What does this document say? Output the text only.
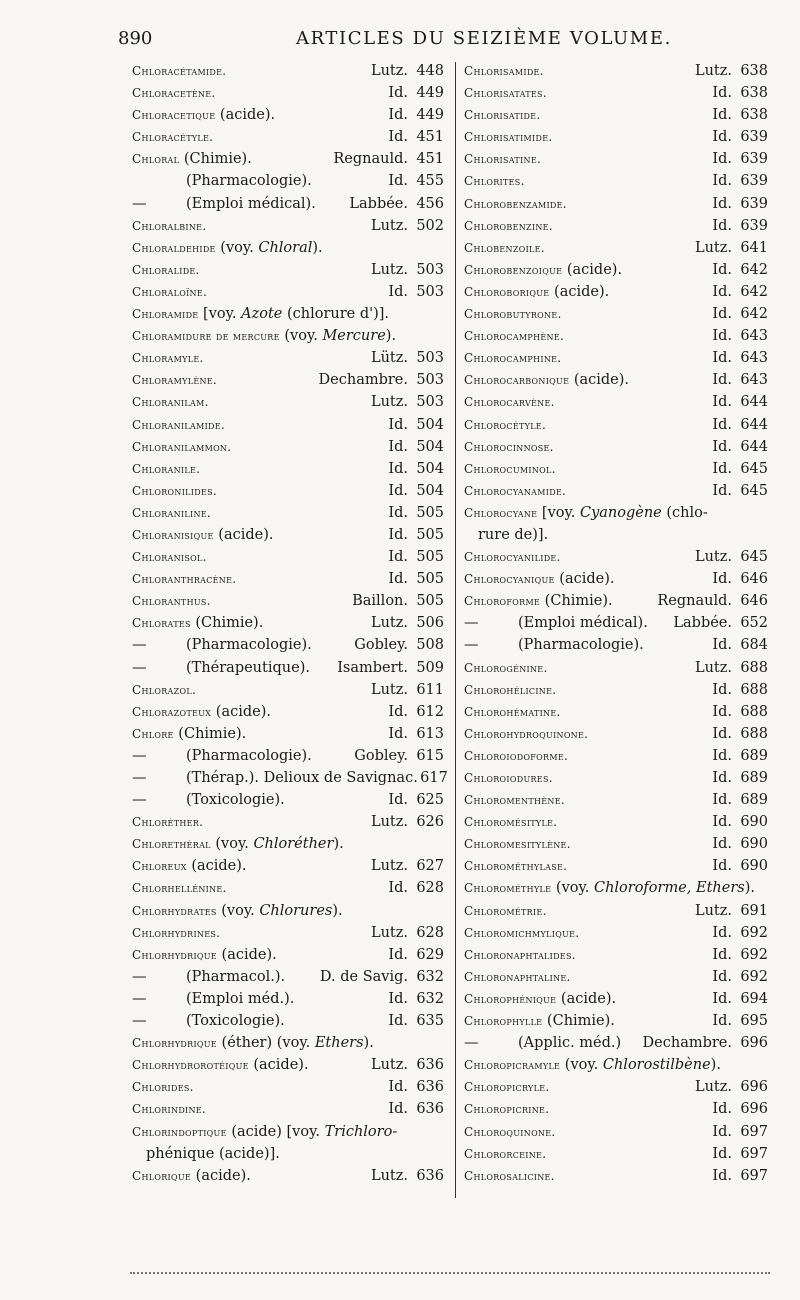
890	ARTICLES DU SEIZIÈME VOLUME.
Chloracétamide.	Lutz. 448
Chloracetène.	Id. 449
Chloracetique (acide).	Id. 449
Chloracétyle.	Id. 451
Chloral (Chimie).	Regnauld. 451
(Pharmacologie).	Id. 455
—	(Emploi médical). Labbée. 456
Chloralbine.	Lutz. 502
Chloraldehide (voy. Chloral).
Chloralide.	Lutz. 503
Chloraloïne.	Id. 503
Chloramide [voy. Azote (chlorure d')].
Chloramidure de mercure (voy. Mercure).
Chloramyle.	Lütz. 503
Chloramylène.	Dechambre. 503
Chloranilam.	Lutz. 503
Chloranilamide.	Id. 504
Chloranilammon.	Id. 504
Chloranile.	Id. 504
Chloronilides.	Id. 504
Chloraniline.	Id. 505
Chloranisique (acide).	Id. 505
Chloranisol.	Id. 505
Chloranthracène.	Id. 505
Chloranthus.	Baillon. 505
Chlorates (Chimie).	Lutz. 506
—	(Pharmacologie).	Gobley. 508
—	(Thérapeutique). Isambert. 509
Chlorazol.	Lutz. 611
Chlorazoteux (acide).	Id. 612
Chlore (Chimie).	Id. 613
—	(Pharmacologie).	Gobley. 615
—	(Thérap.). Delioux de Savignac. 617
—	(Toxicologie).	Id. 625
Chloréther.	Lutz. 626
Chlorethéral (voy. Chloréther).
Chloreux (acide).	Lutz. 627
Chlorhellénine.	Id. 628
Chlorhydrates (voy. Chlorures).
Chlorhydrines.	Lutz. 628
Chlorhydrique (acide).	Id. 629
—	(Pharmacol.). D. de Savig. 632
—	(Emploi méd.).	Id. 632
—	(Toxicologie).	Id. 635
Chlorhydrique (éther) (voy. Ethers).
Chlorhydrorotéique (acide).	Lutz. 636
Chlorides.	Id. 636
Chlorindine.	Id. 636
Chlorindoptique (acide) [voy. Trichloro-
phénique (acide)].
Chlorique (acide).	Lutz. 636
Chlorisamide.	Lutz. 638
Chlorisatates.	Id. 638
Chlorisatide.	Id. 638
Chlorisatimide.	Id. 639
Chlorisatine.	Id. 639
Chlorites.	Id. 639
Chlorobenzamide.	Id. 639
Chlorobenzine.	Id. 639
Chlobenzoile.	Lutz. 641
Chlorobenzoique (acide).	Id. 642
Chloroborique (acide).	Id. 642
Chlorobutyrone.	Id. 642
Chlorocamphène.	Id. 643
Chlorocamphine.	Id. 643
Chlorocarbonique (acide).	Id. 643
Chlorocarvène.	Id. 644
Chlorocétyle.	Id. 644
Chlorocinnose.	Id. 644
Chlorocuminol.	Id. 645
Chlorocyanamide.	Id. 645
Chlorocyane [voy. Cyanogène (chlo-
rure de)].
Chlorocyanilide.	Lutz. 645
Chlorocyanique (acide).	Id. 646
Chloroforme (Chimie).	Regnauld. 646
—	(Emploi médical). Labbée. 652
—	(Pharmacologie).	Id. 684
Chlorogénine.	Lutz. 688
Chlorohélicine.	Id. 688
Chlorohématine.	Id. 688
Chlorohydroquinone.	Id. 688
Chloroiodoforme.	Id. 689
Chloroiodures.	Id. 689
Chloromenthène.	Id. 689
Chloromésityle.	Id. 690
Chloromesitylène.	Id. 690
Chlorométhylase.	Id. 690
Chlorométhyle (voy. Chloroforme, Ethers).
Chlorométrie.	Lutz. 691
Chloromichmylique.	Id. 692
Chloronaphtalides.	Id. 692
Chloronaphtaline.	Id. 692
Chlorophénique (acide).	Id. 694
Chlorophylle (Chimie).	Id. 695
—	(Applic. méd.) Dechambre. 696
Chloropicramyle (voy. Chlorostilbène).
Chloropicryle.	Lutz. 696
Chloropicrine.	Id. 696
Chloroquinone.	Id. 697
Chlororceine.	Id. 697
Chlorosalicine.	Id. 697
